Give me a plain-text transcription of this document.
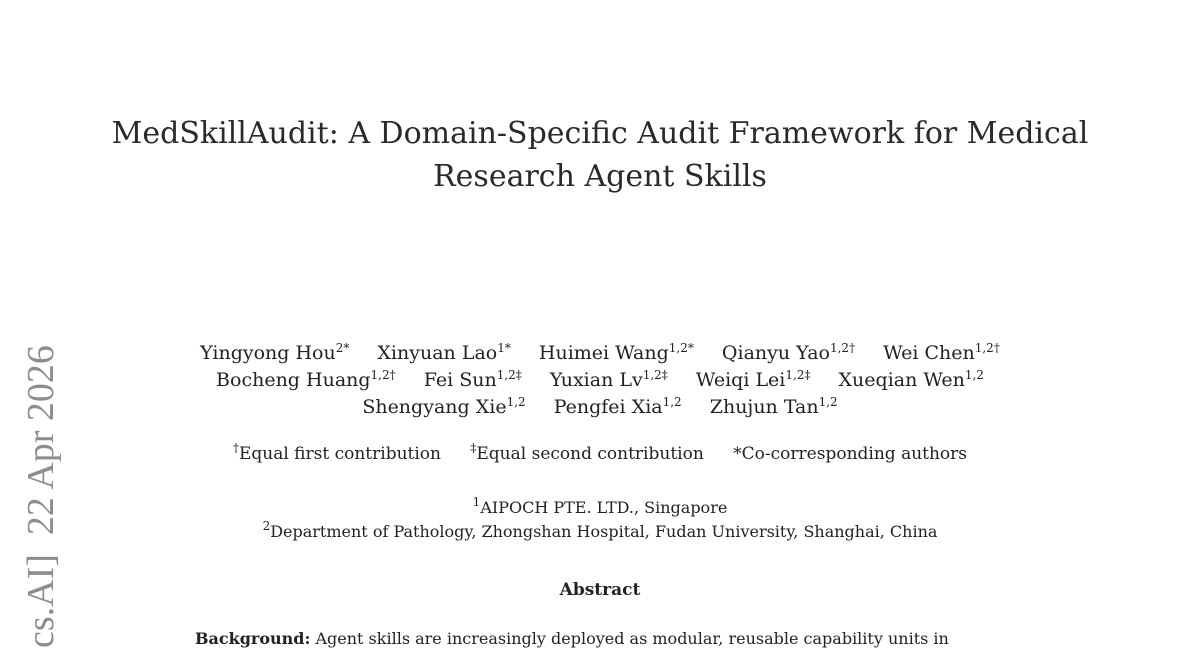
cs.AI]  22 Apr 2026
MedSkillAudit: A Domain-Specific Audit Framework for Medical Research Agent Skills
Yingyong Hou$^{2*}$ Xinyuan Lao$^{1*}$ Huimei Wang$^{1,2*}$ Qianyu Yao$^{1,2\dagger}$ Wei Chen$^{1,2\dagger}$
Bocheng Huang$^{1,2\dagger}$ Fei Sun$^{1,2\ddagger}$ Yuxian $Lv^{1,2\ddagger}$ Weiqi Lei$^{1,2\ddagger}$ Xueqian Wen$^{1,2}$
Shengyang Xie$^{1,2}$ Pengfei Xia$^{1,2}$ Zhujun Tan$^{1,2}$
†Equal first contribution ‡Equal second contribution *Co-corresponding authors
$^1$AIPOCH PTE. LTD., Singapore
$^2$Department of Pathology, Zhongshan Hospital, Fudan University, Shanghai, China
Abstract
Background: Agent skills are increasingly deployed as modular, reusable capability units in
